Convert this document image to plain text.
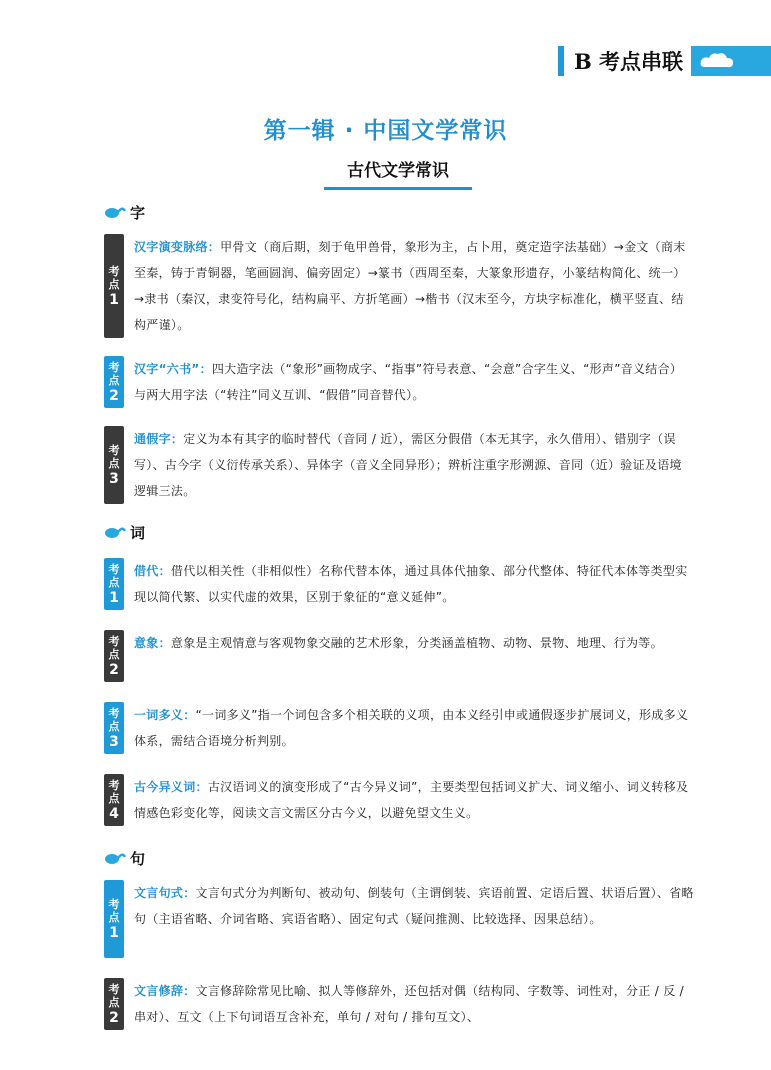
B 考点串联
第一辑 · 中国文学常识
古代文学常识
字
考
点
1
汉字演变脉络：甲骨文（商后期，刻于龟甲兽骨，象形为主，占卜用，奠定造字法基础）→金文（商末至秦，铸于青铜器，笔画圆润、偏旁固定）→篆书（西周至秦，大篆象形遗存，小篆结构简化、统一）→隶书（秦汉，隶变符号化，结构扁平、方折笔画）→楷书（汉末至今，方块字标准化，横平竖直、结构严谨）。
考
点
2
汉字“六书”：四大造字法（“象形”画物成字、“指事”符号表意、“会意”合字生义、“形声”音义结合）与两大用字法（“转注”同义互训、“假借”同音替代）。
考
点
3
通假字：定义为本有其字的临时替代（音同 / 近），需区分假借（本无其字，永久借用）、错别字（误写）、古今字（义衍传承关系）、异体字（音义全同异形）；辨析注重字形溯源、音同（近）验证及语境逻辑三法。
词
考
点
1
借代：借代以相关性（非相似性）名称代替本体，通过具体代抽象、部分代整体、特征代本体等类型实现以简代繁、以实代虚的效果，区别于象征的“意义延伸”。
考
点
2
意象：意象是主观情意与客观物象交融的艺术形象，分类涵盖植物、动物、景物、地理、行为等。
考
点
3
一词多义：“一词多义”指一个词包含多个相关联的义项，由本义经引申或通假逐步扩展词义，形成多义体系，需结合语境分析判别。
考
点
4
古今异义词：古汉语词义的演变形成了“古今异义词”，主要类型包括词义扩大、词义缩小、词义转移及情感色彩变化等，阅读文言文需区分古今义，以避免望文生义。
句
考
点
1
文言句式：文言句式分为判断句、被动句、倒装句（主谓倒装、宾语前置、定语后置、状语后置）、省略句（主语省略、介词省略、宾语省略）、固定句式（疑问推测、比较选择、因果总结）。
考
点
2
文言修辞：文言修辞除常见比喻、拟人等修辞外，还包括对偶（结构同、字数等、词性对，分正 / 反 / 串对）、互文（上下句词语互含补充，单句 / 对句 / 排句互文）、
